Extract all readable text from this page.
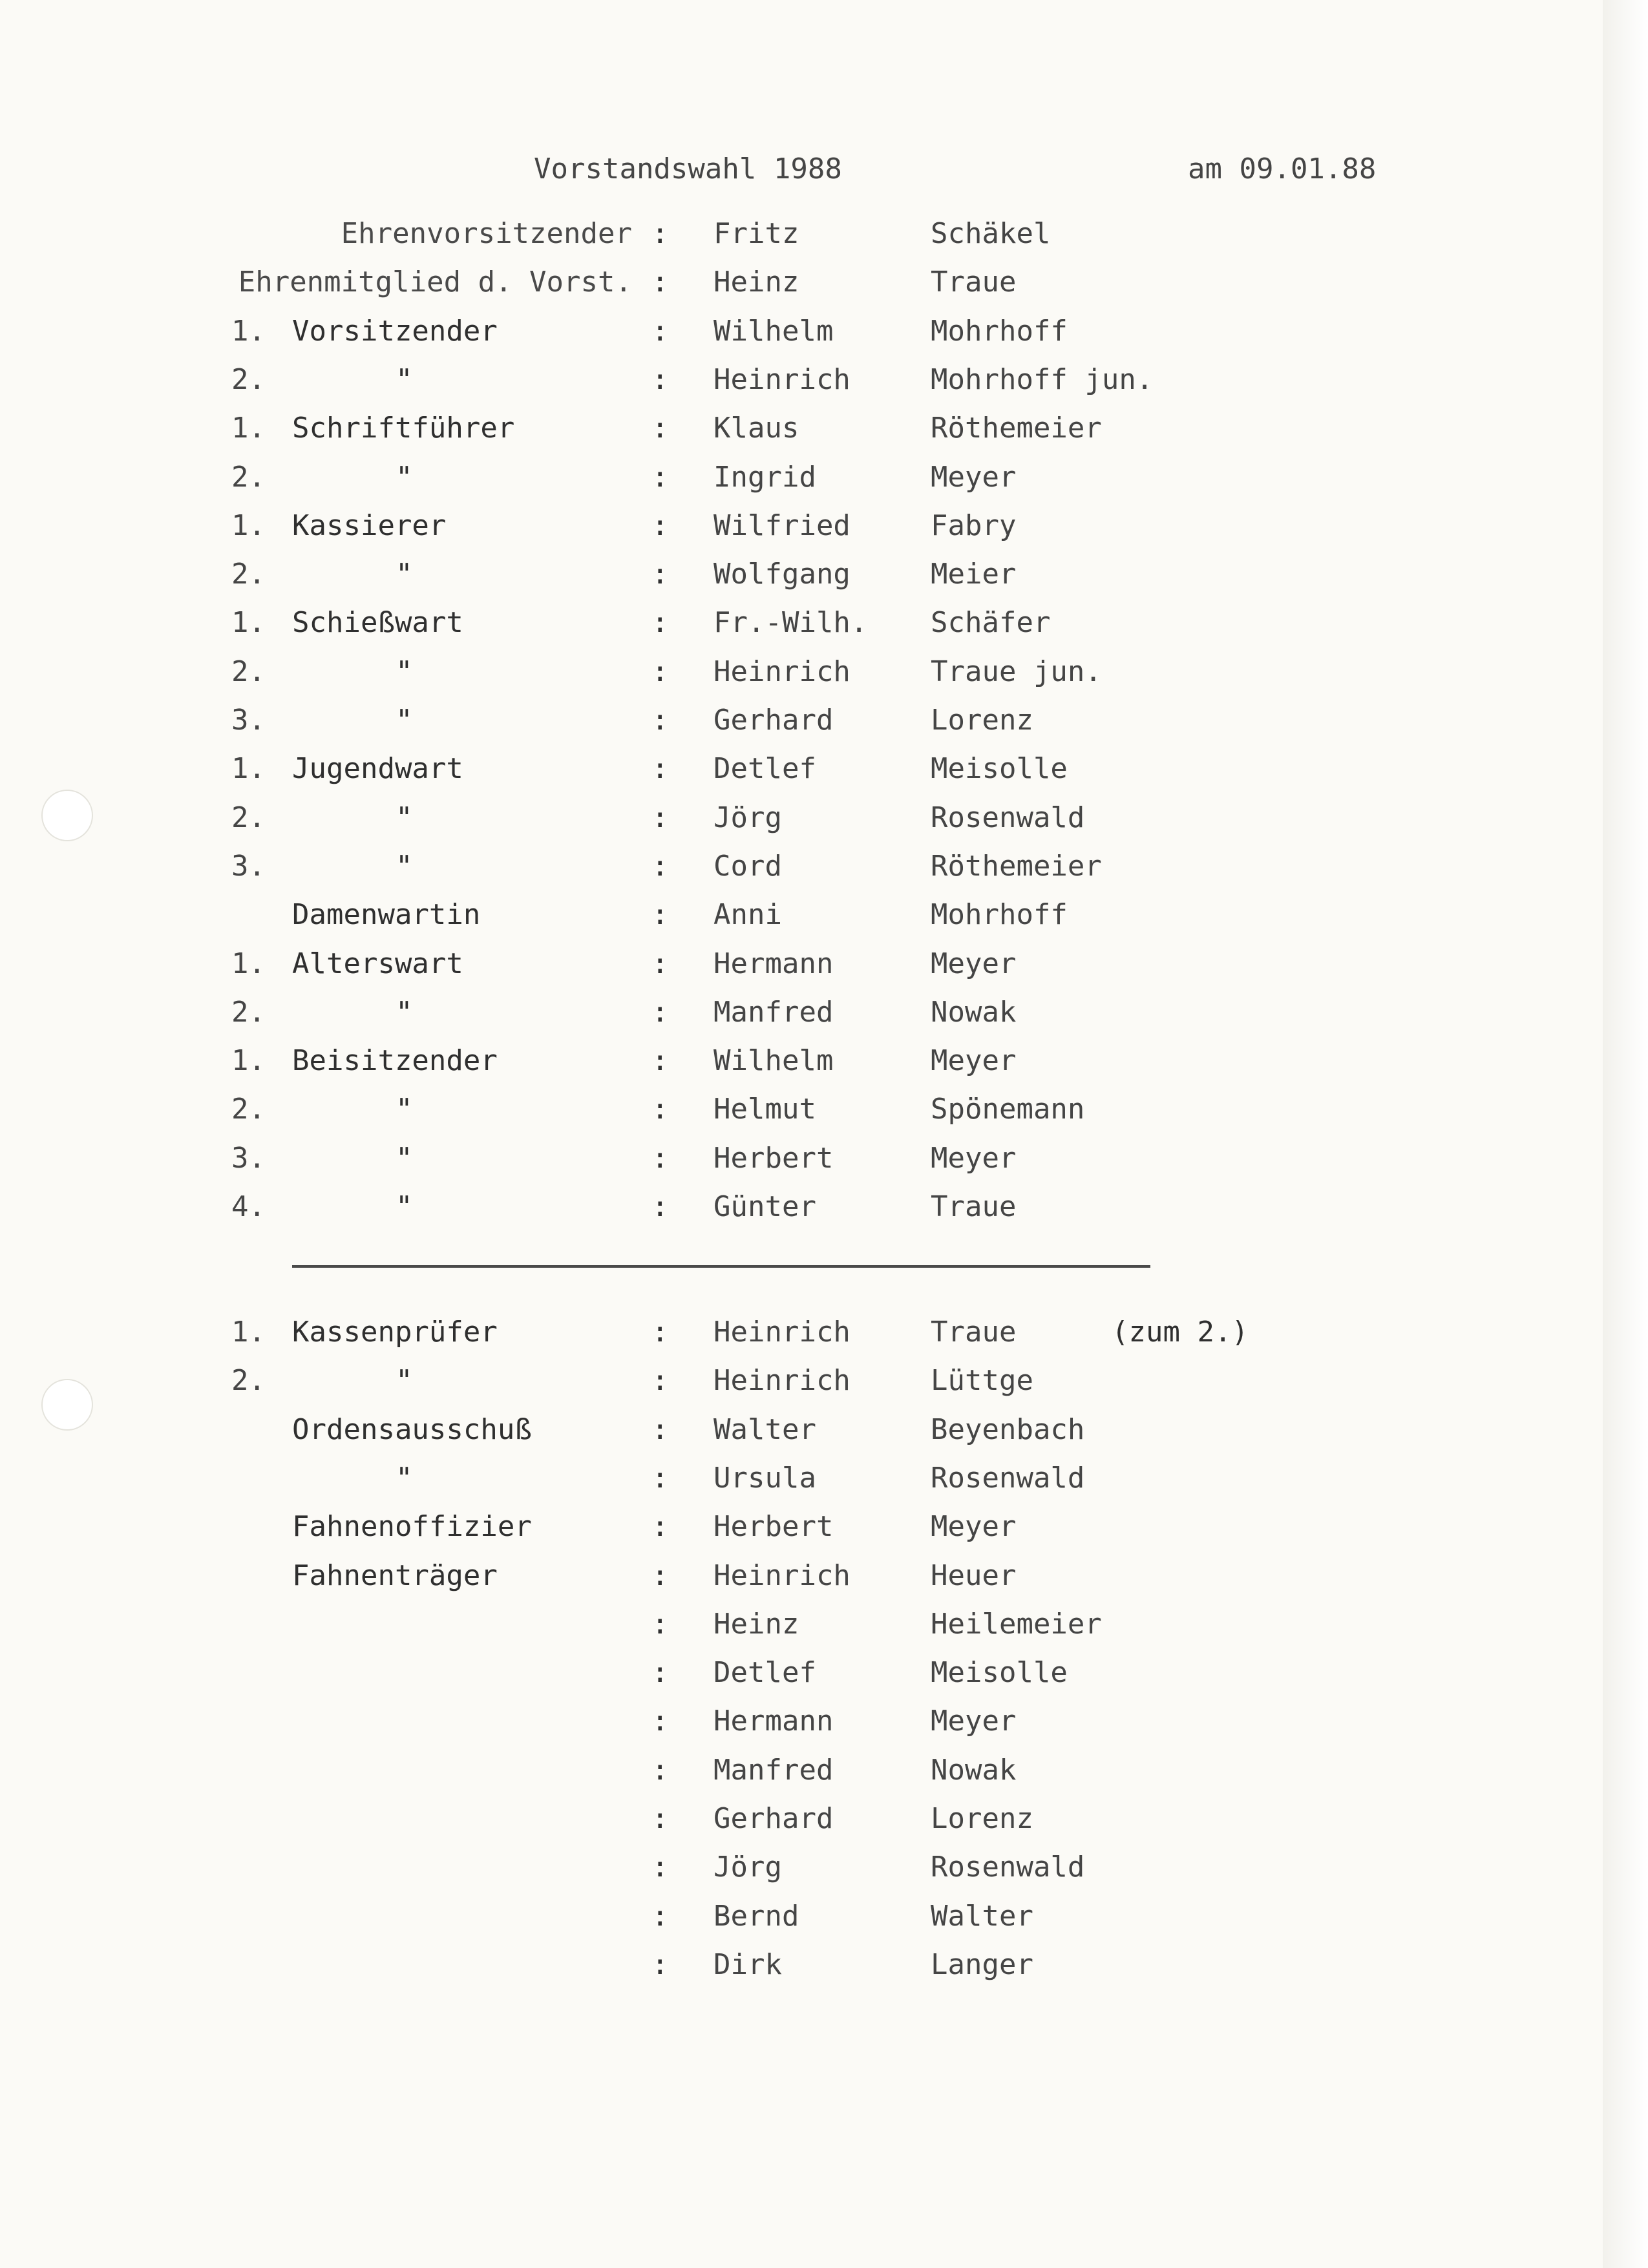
Vorstandswahl 1988	am 09.01.88
Ehrenvorsitzender : Fritz	Schäkel
Ehrenmitglied d. Vorst. : Heinz	Traue
1. Vorsitzender	: Wilhelm	Mohrhoff
2.	"	: Heinrich	Mohrhoff jun.
1. Schriftführer	: Klaus	Röthemeier
2.	"	: Ingrid	Meyer
1. Kassierer	: Wilfried	Fabry
2.	"	: Wolfgang	Meier
1. Schießwart	: Fr.-Wilh. Schäfer
2.	"	: Heinrich	Traue jun.
3.	"	: Gerhard	Lorenz
1. Jugendwart	: Detlef	Meisolle
2.	"	: Jörg	Rosenwald
3.	"	: Cord	Röthemeier
Damenwartin	: Anni	Mohrhoff
1. Alterswart	: Hermann	Meyer
2.	"	: Manfred	Nowak
1. Beisitzender	: Wilhelm	Meyer
2.	"	: Helmut	Spönemann
3.	"	: Herbert	Meyer
4.	"	: Günter	Traue
1. Kassenprüfer	: Heinrich	Traue	(zum 2.)
2.	"	: Heinrich	Lüttge
Ordensausschuß	: Walter	Beyenbach
"	: Ursula	Rosenwald
Fahnenoffizier	: Herbert	Meyer
Fahnenträger	: Heinrich	Heuer
: Heinz	Heilemeier
: Detlef	Meisolle
: Hermann	Meyer
: Manfred	Nowak
: Gerhard	Lorenz
: Jörg	Rosenwald
: Bernd	Walter
: Dirk	Langer
